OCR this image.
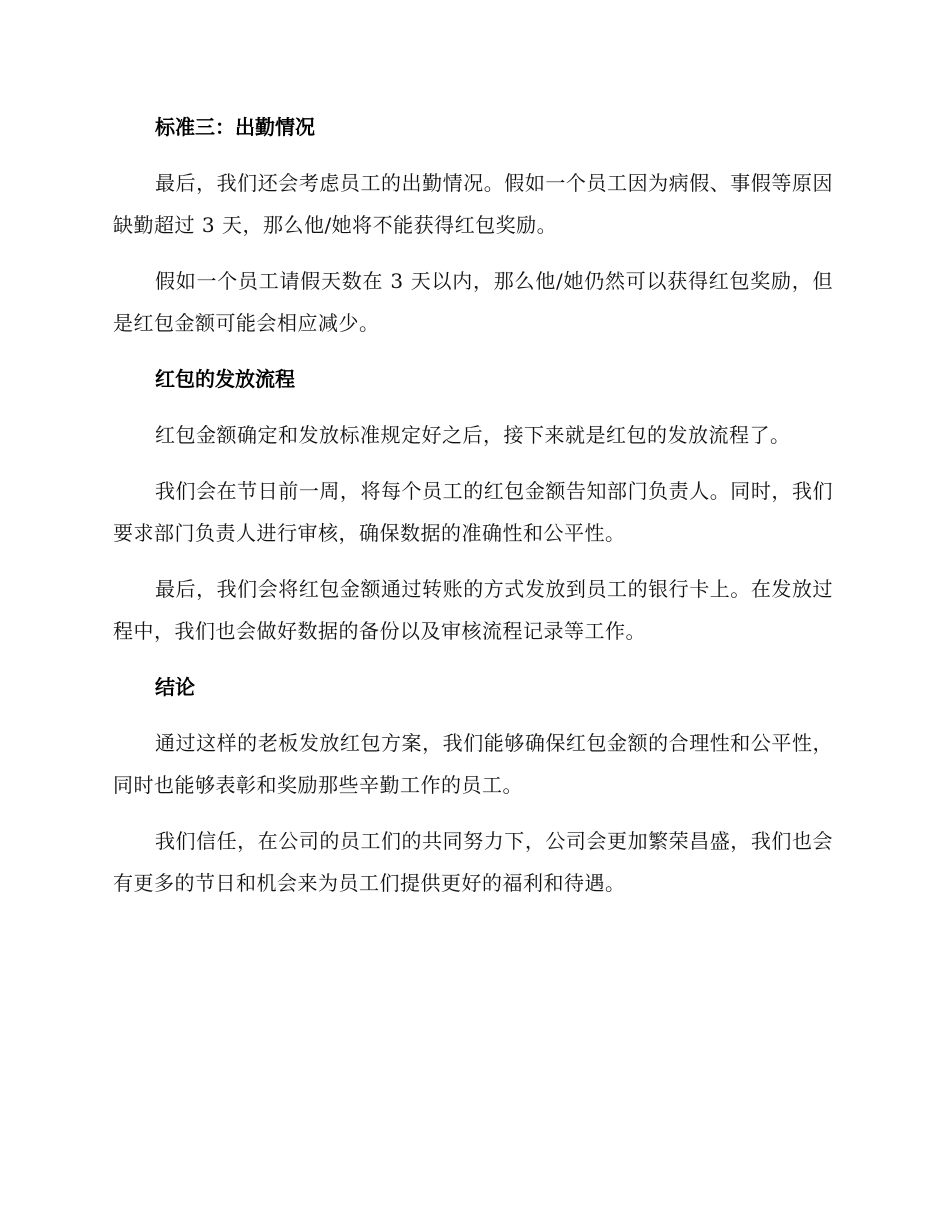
标准三：出勤情况

最后，我们还会考虑员工的出勤情况。假如一个员工因为病假、事假等原因缺勤超过 3 天，那么他/她将不能获得红包奖励。

假如一个员工请假天数在 3 天以内，那么他/她仍然可以获得红包奖励，但是红包金额可能会相应减少。

红包的发放流程

红包金额确定和发放标准规定好之后，接下来就是红包的发放流程了。

我们会在节日前一周，将每个员工的红包金额告知部门负责人。同时，我们要求部门负责人进行审核，确保数据的准确性和公平性。

最后，我们会将红包金额通过转账的方式发放到员工的银行卡上。在发放过程中，我们也会做好数据的备份以及审核流程记录等工作。

结论

通过这样的老板发放红包方案，我们能够确保红包金额的合理性和公平性，同时也能够表彰和奖励那些辛勤工作的员工。

我们信任，在公司的员工们的共同努力下，公司会更加繁荣昌盛，我们也会有更多的节日和机会来为员工们提供更好的福利和待遇。
